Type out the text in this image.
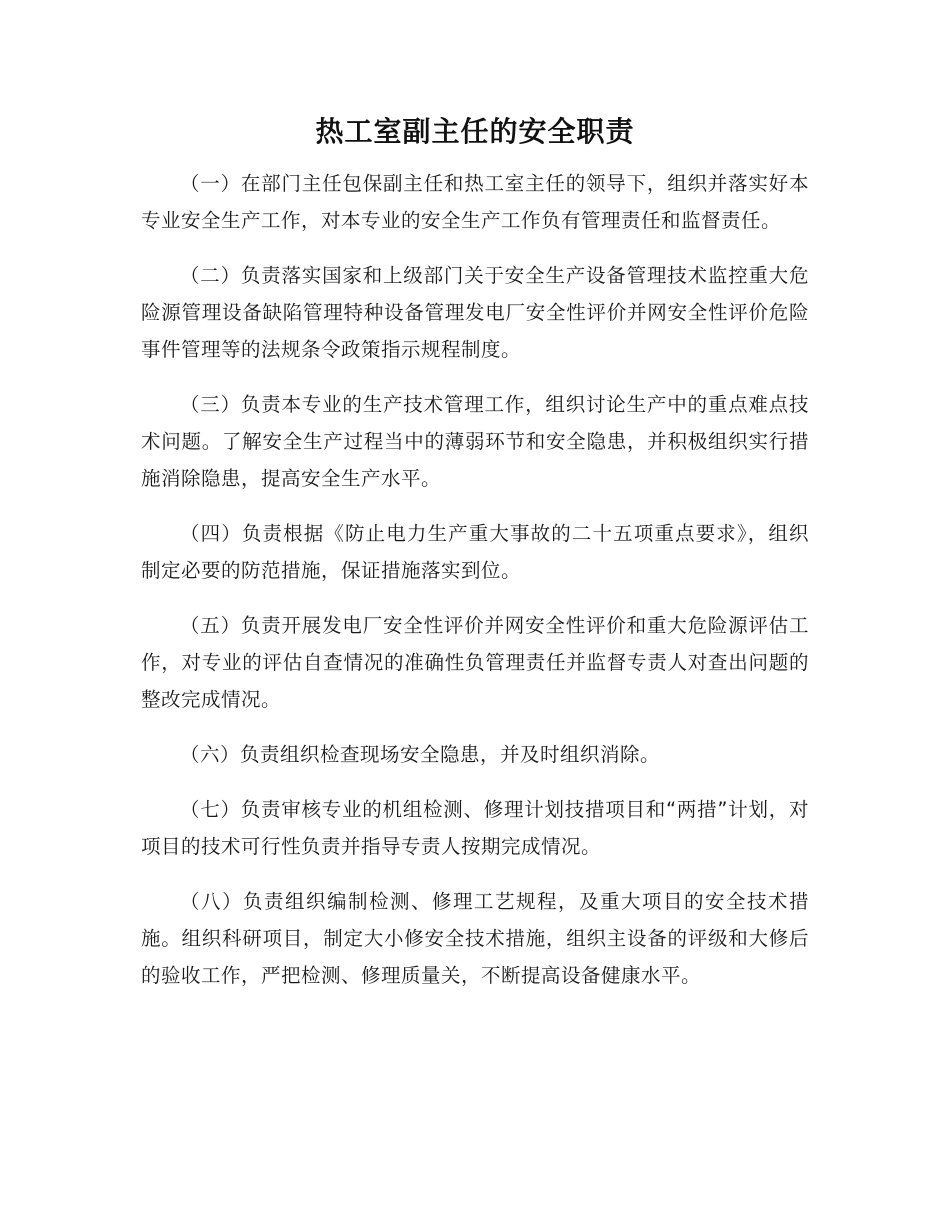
热工室副主任的安全职责

（一）在部门主任包保副主任和热工室主任的领导下，组织并落实好本专业安全生产工作，对本专业的安全生产工作负有管理责任和监督责任。

（二）负责落实国家和上级部门关于安全生产设备管理技术监控重大危险源管理设备缺陷管理特种设备管理发电厂安全性评价并网安全性评价危险事件管理等的法规条令政策指示规程制度。

（三）负责本专业的生产技术管理工作，组织讨论生产中的重点难点技术问题。了解安全生产过程当中的薄弱环节和安全隐患，并积极组织实行措施消除隐患，提高安全生产水平。

（四）负责根据《防止电力生产重大事故的二十五项重点要求》，组织制定必要的防范措施，保证措施落实到位。

（五）负责开展发电厂安全性评价并网安全性评价和重大危险源评估工作，对专业的评估自查情况的准确性负管理责任并监督专责人对查出问题的整改完成情况。

（六）负责组织检查现场安全隐患，并及时组织消除。

（七）负责审核专业的机组检测、修理计划技措项目和“两措”计划，对项目的技术可行性负责并指导专责人按期完成情况。

（八）负责组织编制检测、修理工艺规程，及重大项目的安全技术措施。组织科研项目，制定大小修安全技术措施，组织主设备的评级和大修后的验收工作，严把检测、修理质量关，不断提高设备健康水平。
